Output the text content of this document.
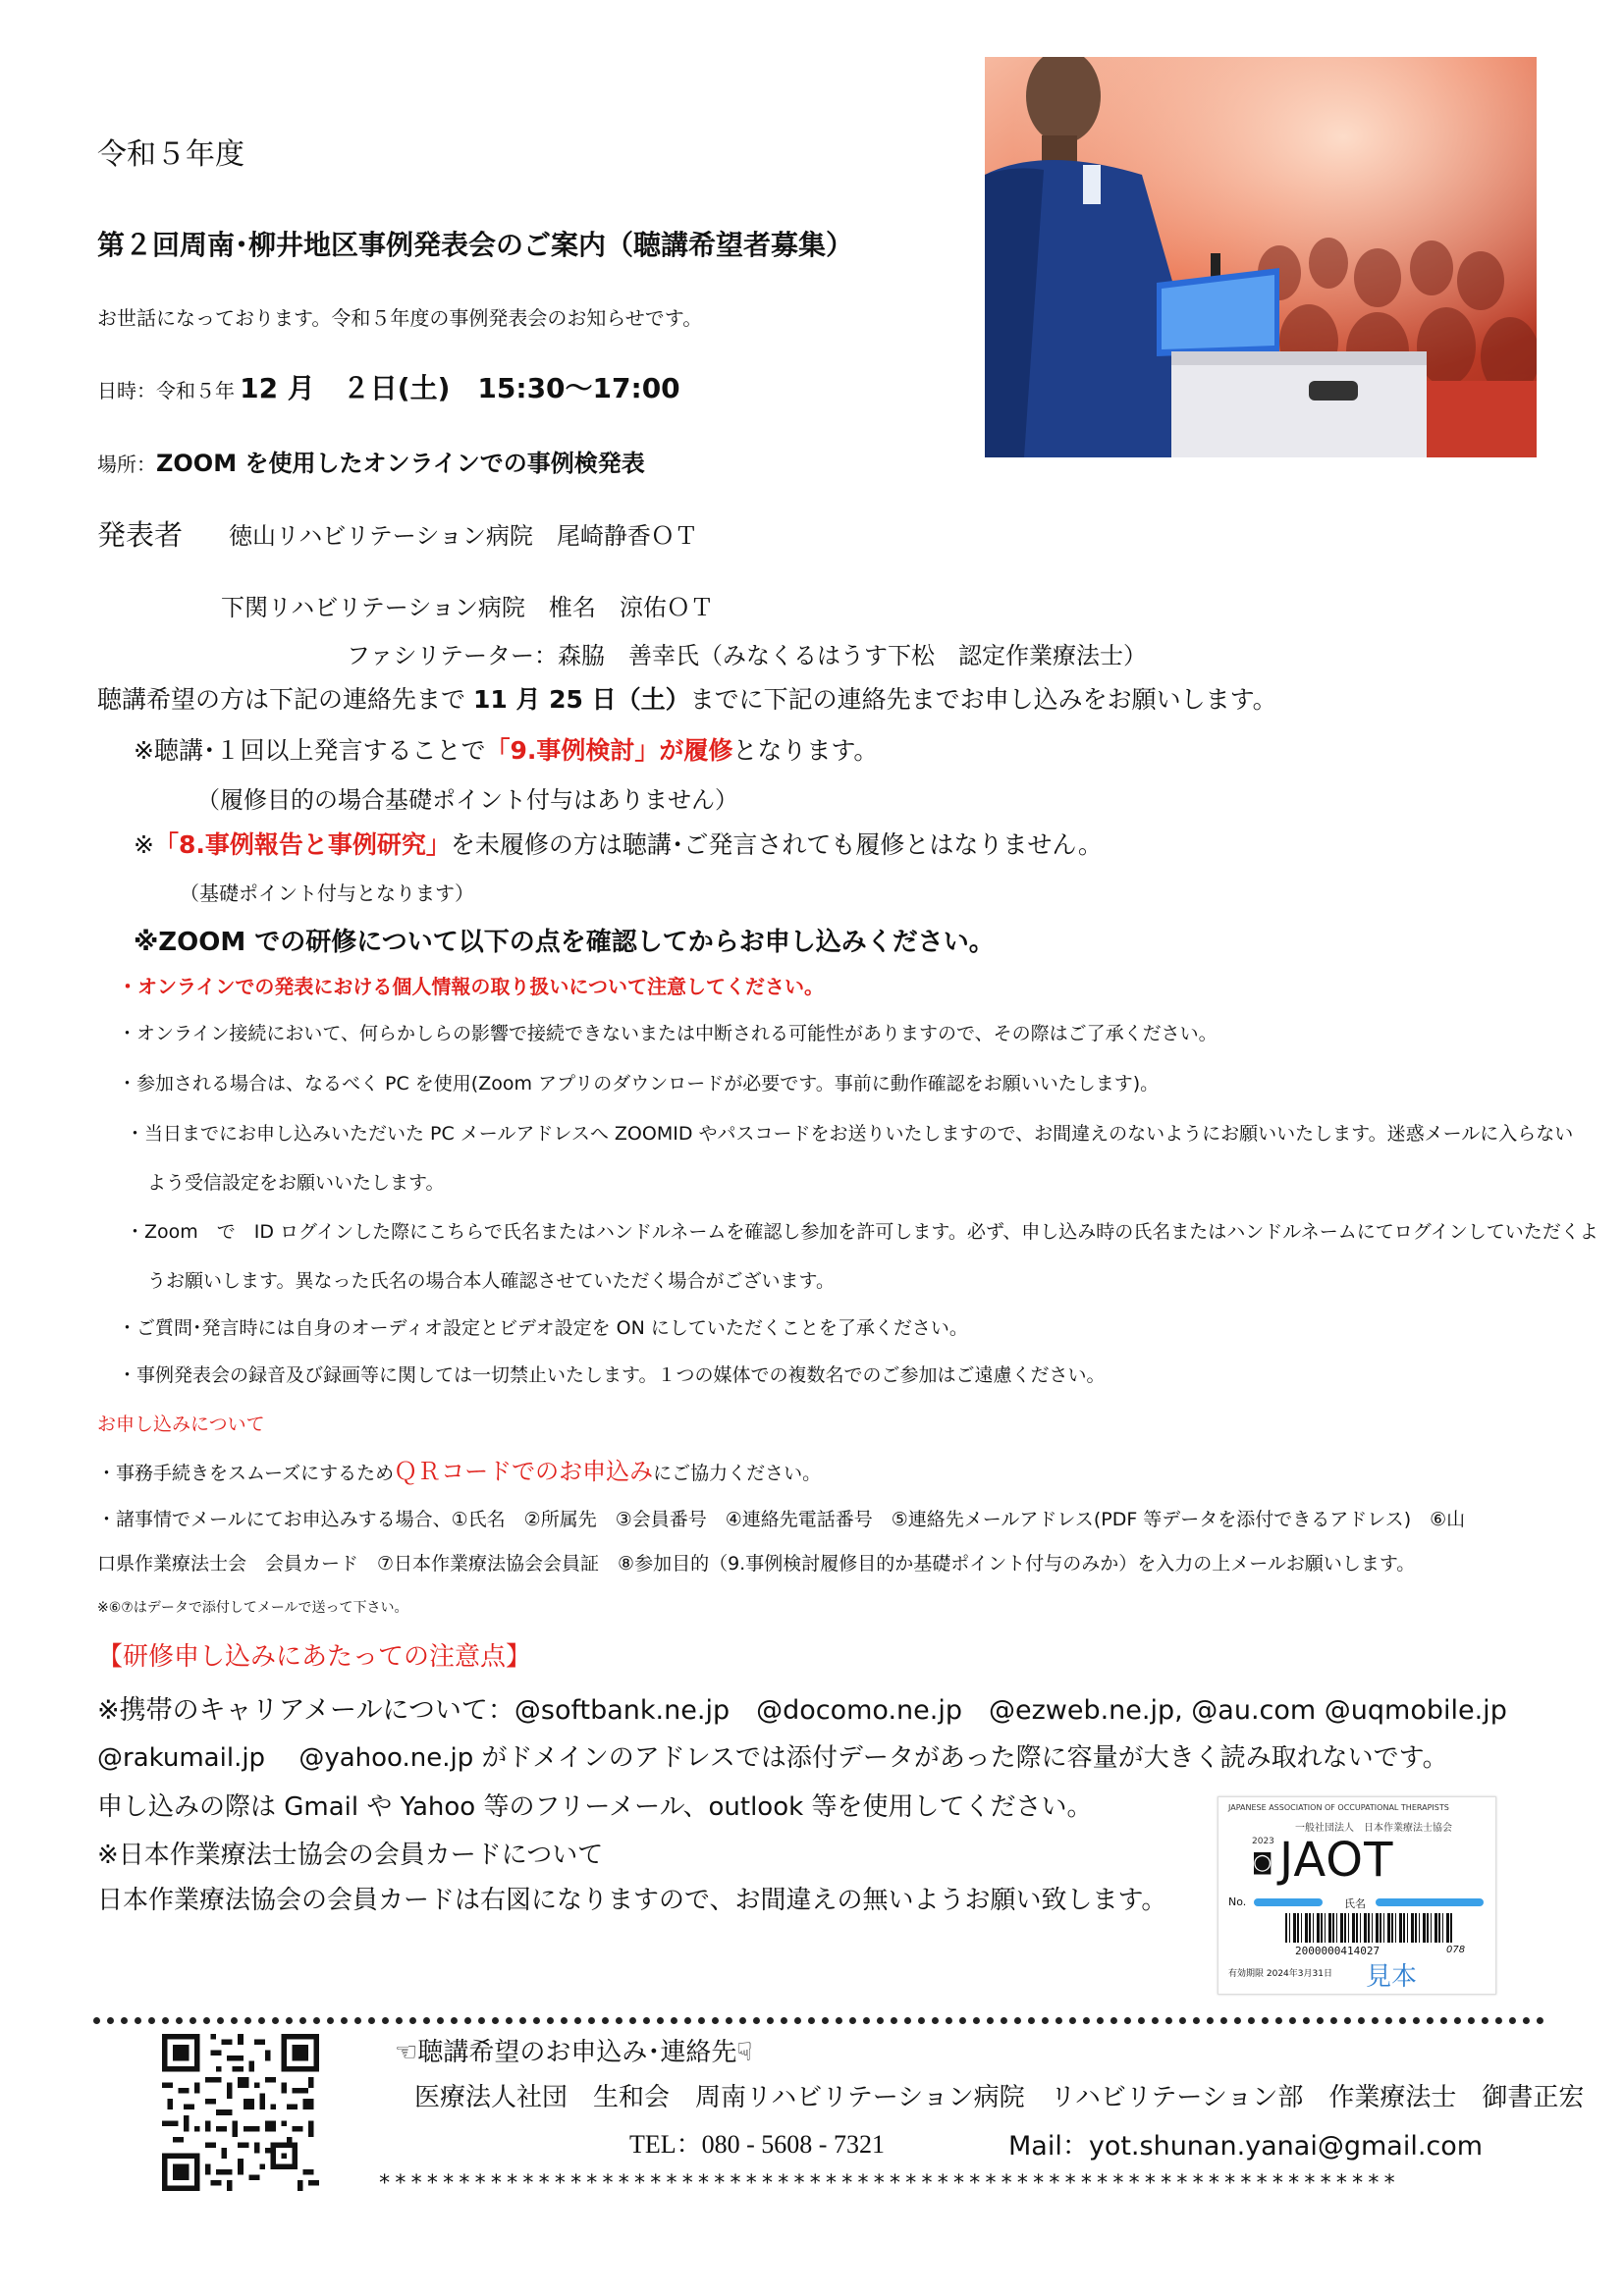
令和５年度
第２回周南･柳井地区事例発表会のご案内（聴講希望者募集）
お世話になっております。令和５年度の事例発表会のお知らせです。
日時：令和５年 12 月　２日(土)　15:30～17:00
場所：ZOOM を使用したオンラインでの事例検発表
発表者 徳山リハビリテーション病院　尾崎静香ＯＴ
下関リハビリテーション病院　椎名　涼佑ＯＴ
ファシリテーター：森脇　善幸氏（みなくるはうす下松　認定作業療法士）
聴講希望の方は下記の連絡先まで 11 月 25 日（土）までに下記の連絡先までお申し込みをお願いします。
※聴講･１回以上発言することで「9.事例検討」が履修となります。
（履修目的の場合基礎ポイント付与はありません）
※「8.事例報告と事例研究」を未履修の方は聴講･ご発言されても履修とはなりません。
（基礎ポイント付与となります）
※ZOOM での研修について以下の点を確認してからお申し込みください。
・オンラインでの発表における個人情報の取り扱いについて注意してください。
・オンライン接続において、何らかしらの影響で接続できないまたは中断される可能性がありますので、その際はご了承ください。
・参加される場合は、なるべく PC を使用(Zoom アプリのダウンロードが必要です。事前に動作確認をお願いいたします)。
・当日までにお申し込みいただいた PC メールアドレスへ ZOOMID やパスコードをお送りいたしますので、お間違えのないようにお願いいたします。迷惑メールに入らない
よう受信設定をお願いいたします。
・Zoom　で　ID ログインした際にこちらで氏名またはハンドルネームを確認し参加を許可します。必ず、申し込み時の氏名またはハンドルネームにてログインしていただくよ
うお願いします。異なった氏名の場合本人確認させていただく場合がございます。
・ご質問･発言時には自身のオーディオ設定とビデオ設定を ON にしていただくことを了承ください。
・事例発表会の録音及び録画等に関しては一切禁止いたします。１つの媒体での複数名でのご参加はご遠慮ください。
お申し込みについて
・事務手続きをスムーズにするためＱＲコードでのお申込みにご協力ください。
・諸事情でメールにてお申込みする場合、①氏名　②所属先　③会員番号　④連絡先電話番号　⑤連絡先メールアドレス(PDF 等データを添付できるアドレス)　⑥山
口県作業療法士会　会員カード　⑦日本作業療法協会会員証　⑧参加目的（9.事例検討履修目的か基礎ポイント付与のみか）を入力の上メールお願いします。
※⑥⑦はデータで添付してメールで送って下さい。
【研修申し込みにあたっての注意点】
※携帯のキャリアメールについて：@softbank.ne.jp　@docomo.ne.jp　@ezweb.ne.jp, @au.com @uqmobile.jp
@rakumail.jp　 @yahoo.ne.jp がドメインのアドレスでは添付データがあった際に容量が大きく読み取れないです。
申し込みの際は Gmail や Yahoo 等のフリーメール、outlook 等を使用してください。
※日本作業療法士協会の会員カードについて
日本作業療法協会の会員カードは右図になりますので、お間違えの無いようお願い致します。
JAPANESE ASSOCIATION OF OCCUPATIONAL THERAPISTS
一般社団法人　日本作業療法士協会
2023
◙ JAOT
No.	氏名
2000000414027	078
有効期限 2024年3月31日 見本
☜聴講希望のお申込み･連絡先☟
医療法人社団　生和会　周南リハビリテーション病院　リハビリテーション部　作業療法士　御書正宏
TEL：080 ‐ 5608 ‐ 7321	Mail：yot.shunan.yanai@gmail.com
****************************************************************
